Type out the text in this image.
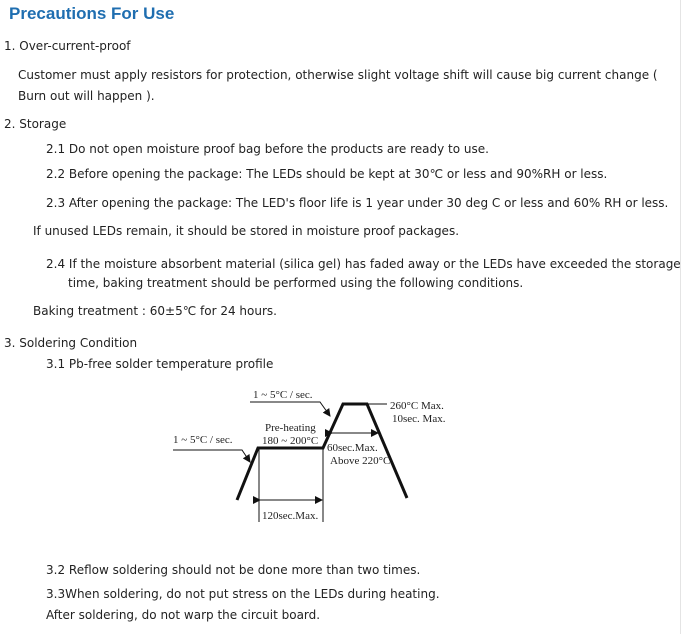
Precautions For Use
1. Over-current-proof
Customer must apply resistors for protection, otherwise slight voltage shift will cause big current change (
Burn out will happen ).
2. Storage
2.1 Do not open moisture proof bag before the products are ready to use.
2.2 Before opening the package: The LEDs should be kept at 30℃ or less and 90%RH or less.
2.3 After opening the package: The LED's floor life is 1 year under 30 deg C or less and 60% RH or less.
If unused LEDs remain, it should be stored in moisture proof packages.
2.4 If the moisture absorbent material (silica gel) has faded away or the LEDs have exceeded the storage
time, baking treatment should be performed using the following conditions.
Baking treatment : 60±5℃ for 24 hours.
3. Soldering Condition
3.1 Pb-free solder temperature profile
1 ~ 5°C / sec.
1 ~ 5°C / sec.
260°C Max.
10sec. Max.
Pre-heating
180 ~ 200°C
60sec.Max.
Above 220°C
120sec.Max.
3.2 Reflow soldering should not be done more than two times.
3.3When soldering, do not put stress on the LEDs during heating.
After soldering, do not warp the circuit board.
